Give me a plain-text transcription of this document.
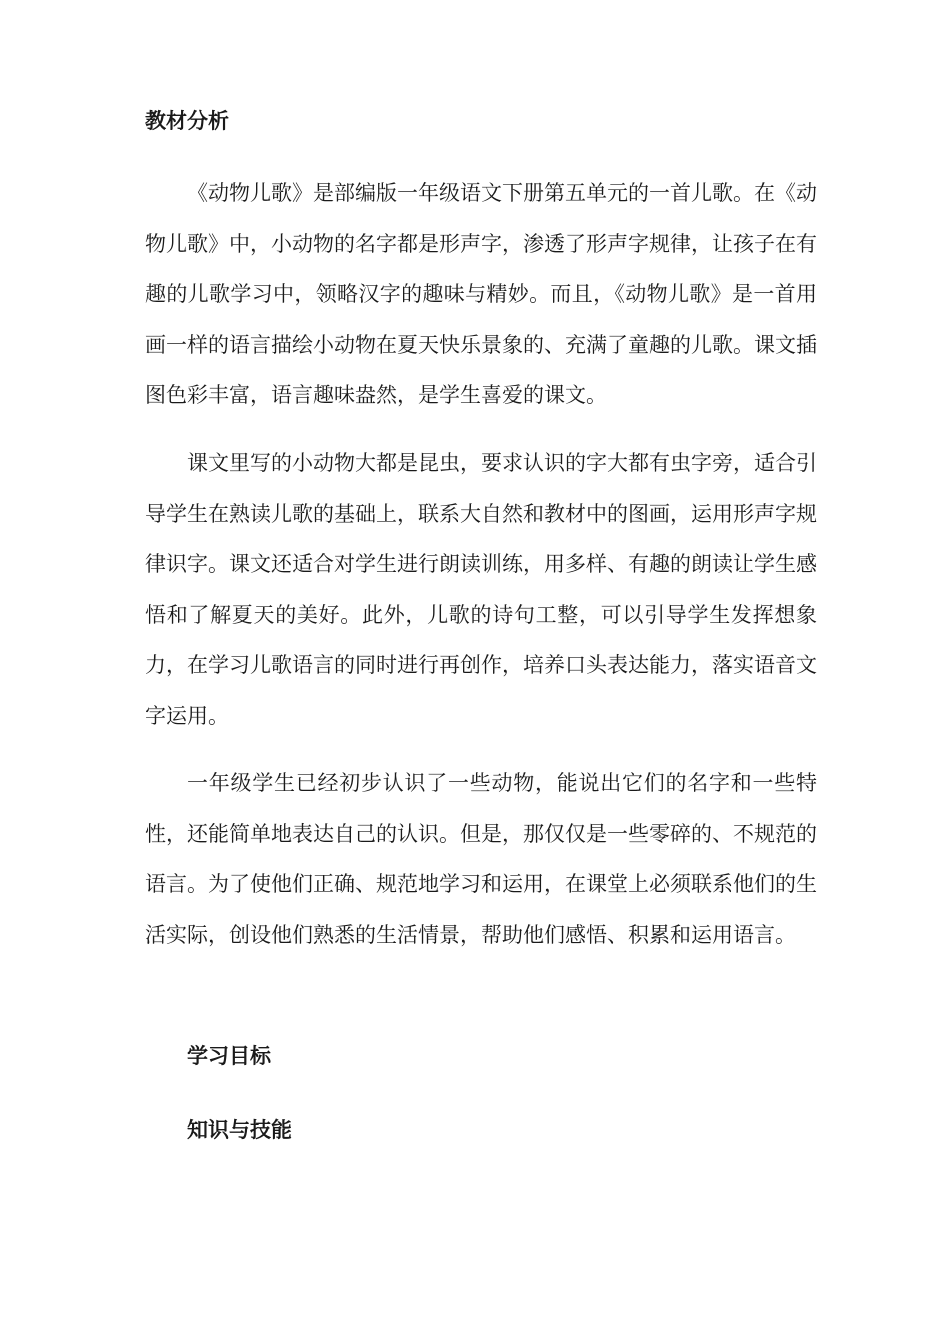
教材分析

《动物儿歌》是部编版一年级语文下册第五单元的一首儿歌。在《动物儿歌》中，小动物的名字都是形声字，渗透了形声字规律，让孩子在有趣的儿歌学习中，领略汉字的趣味与精妙。而且，《动物儿歌》是一首用画一样的语言描绘小动物在夏天快乐景象的、充满了童趣的儿歌。课文插图色彩丰富，语言趣味盎然，是学生喜爱的课文。

课文里写的小动物大都是昆虫，要求认识的字大都有虫字旁，适合引导学生在熟读儿歌的基础上，联系大自然和教材中的图画，运用形声字规律识字。课文还适合对学生进行朗读训练，用多样、有趣的朗读让学生感悟和了解夏天的美好。此外，儿歌的诗句工整，可以引导学生发挥想象力，在学习儿歌语言的同时进行再创作，培养口头表达能力，落实语音文字运用。

一年级学生已经初步认识了一些动物，能说出它们的名字和一些特性，还能简单地表达自己的认识。但是，那仅仅是一些零碎的、不规范的语言。为了使他们正确、规范地学习和运用，在课堂上必须联系他们的生活实际，创设他们熟悉的生活情景，帮助他们感悟、积累和运用语言。

学习目标
知识与技能
